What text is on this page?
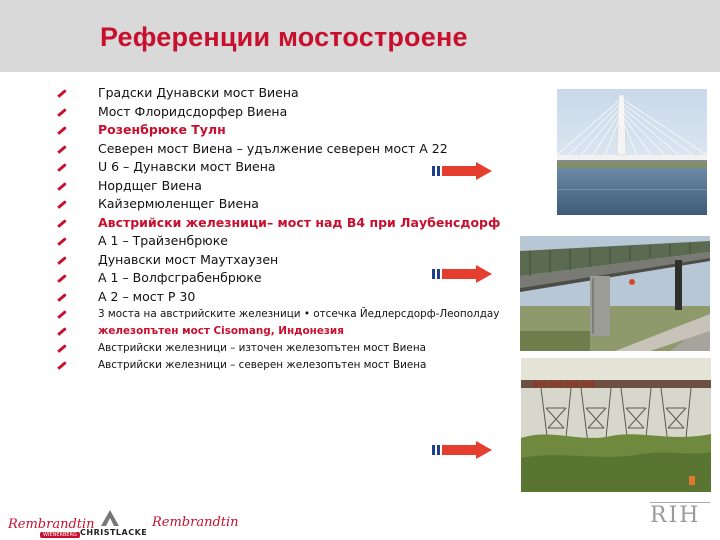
Референции мостостроене
Градски Дунавски мост Виена
Мост Флоридсдорфер Виена
Розенбрюке Тулн
Северен мост Виена – удължение северен мост А 22
U 6 – Дунавски мост Виена
Нордщег Виена
Кайзермюленщег Виена
Австрийски железници– мост над В4 при Лаубенсдорф
А 1 – Трайзенбрюке
Дунавски мост Маутхаузен
А 1 – Волфсграбенбрюке
А 2 – мост Р 30
3 моста на австрийските железници • отсечка Йедлерсдорф-Леополдау
железопътен мост Cisomang, Индонезия
Австрийски железници – източен железопътен мост Виена
Австрийски железници – северен железопътен мост Виена
Rembrandtin
WIENERBERG CHRISTLACKE
Rembrandtin	RIH
